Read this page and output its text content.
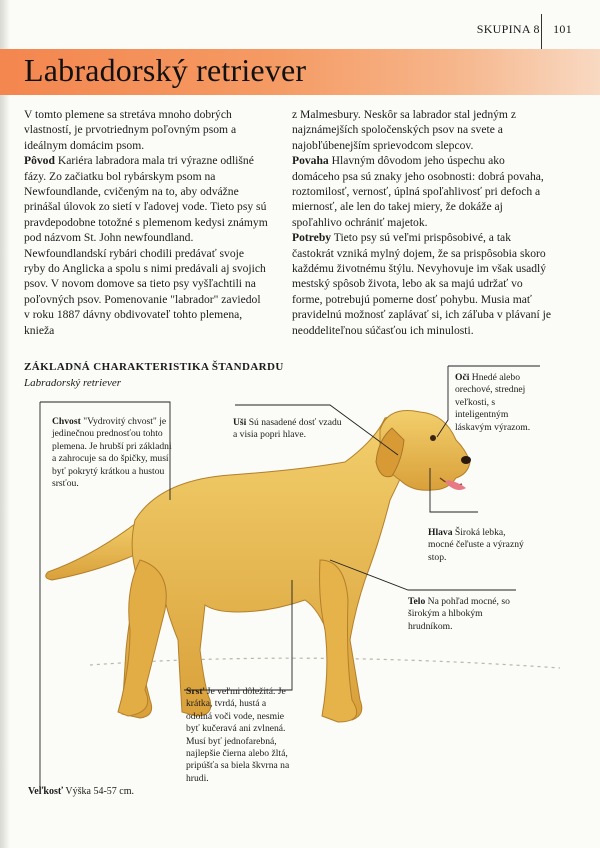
SKUPINA 8 101
Labradorský retriever

V tomto plemene sa stretáva mnoho dobrých vlastností, je prvotriednym poľovným psom a ideálnym domácim psom.

Pôvod Kariéra labradora mala tri výrazne odlišné fázy. Zo začiatku bol rybárskym psom na Newfoundlande, cvičeným na to, aby odvážne prinášal úlovok zo sietí v ľadovej vode. Tieto psy sú pravdepodobne totožné s plemenom kedysi známym pod názvom St. John newfoundland.

Newfoundlandskí rybári chodili predávať svoje ryby do Anglicka a spolu s nimi predávali aj svojich psov. V novom domove sa tieto psy vyšľachtili na poľovných psov. Pomenovanie "labrador" zaviedol v roku 1887 dávny obdivovateľ tohto plemena, knieža

z Malmesbury. Neskôr sa labrador stal jedným z najznámejších spoločenských psov na svete a najobľúbenejším sprievodcom slepcov.

Povaha Hlavným dôvodom jeho úspechu ako domáceho psa sú znaky jeho osobnosti: dobrá povaha, roztomilosť, vernosť, úplná spoľahlivosť pri defoch a miernosť, ale len do takej miery, že dokáže aj spoľahlivo ochrániť majetok.

Potreby Tieto psy sú veľmi prispôsobivé, a tak častokrát vzniká mylný dojem, že sa prispôsobia skoro každému životnému štýlu. Nevyhovuje im však usadlý mestský spôsob života, lebo ak sa majú udržať vo forme, potrebujú pomerne dosť pohybu. Musia mať pravidelnú možnosť zaplávať si, ich záľuba v plávaní je neoddeliteľnou súčasťou ich minulosti.

ZÁKLADNÁ CHARAKTERISTIKA ŠTANDARDU
Labradorský retriever
Chvost "Vydrovitý chvost" je jedinečnou prednosťou tohto plemena. Je hrubší pri základni a zahrocuje sa do špičky, musí byť pokrytý krátkou a hustou srsťou.
Uši Sú nasadené dosť vzadu a visia popri hlave.
Oči Hnedé alebo orechové, strednej veľkosti, s inteligentným láskavým výrazom.
Hlava Široká lebka, mocné čeľuste a výrazný stop.
Telo Na pohľad mocné, so širokým a hlbokým hrudníkom.
Srsť Je veľmi dôležitá. Je krátka, tvrdá, hustá a odolná voči vode, nesmie byť kučeravá ani zvlnená. Musí byť jednofarebná, najlepšie čierna alebo žltá, pripúšťa sa biela škvrna na hrudi.
Veľkosť Výška 54-57 cm.
